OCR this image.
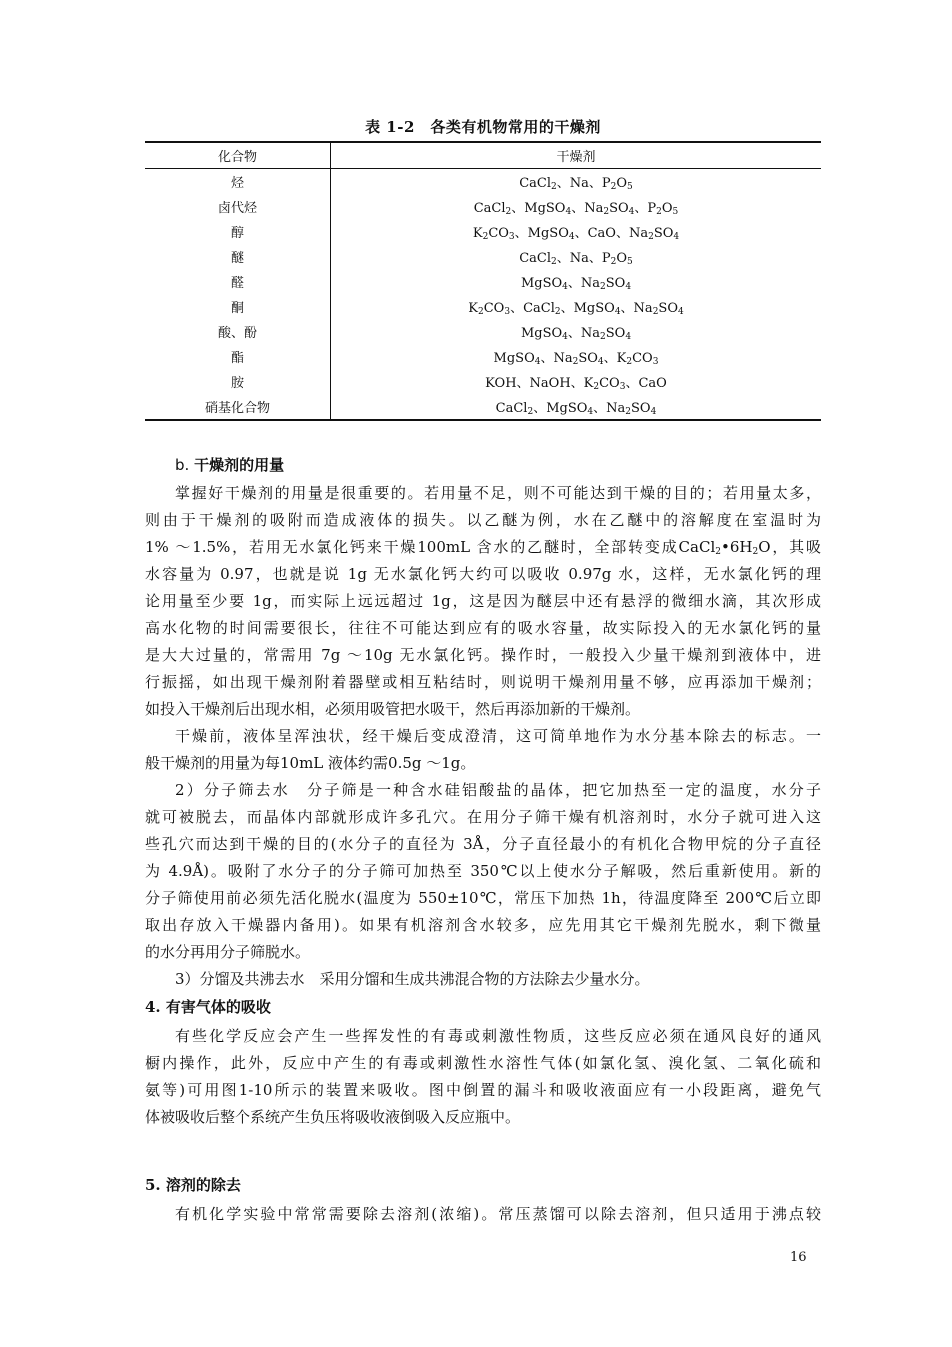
表 1-2　各类有机物常用的干燥剂
化合物	干燥剂
烃	CaCl$_2$、Na、$P_2O_5$
卤代烃	CaCl$_2$、MgSO$_4$、$Na_2SO_4$、$P_2O_5$
醇	$K_2CO_3$、MgSO$_4$、CaO、$Na_2SO_4$
醚	CaCl$_2$、Na、$P_2O_5$
醛	MgSO$_4$、$Na_2SO_4$
酮	$K_2CO_3$、CaCl$_2$、MgSO$_4$、$Na_2SO_4$
酸、酚	MgSO$_4$、$Na_2SO_4$
酯	MgSO$_4$、$Na_2SO_4$、$K_2CO_3$
胺	KOH、NaOH、$K_2CO_3$、CaO
硝基化合物	CaCl$_2$、MgSO$_4$、$Na_2SO_4$
b. 干燥剂的用量
掌握好干燥剂的用量是很重要的。若用量不足，则不可能达到干燥的目的；若用量太多，
则由于干燥剂的吸附而造成液体的损失。以乙醚为例，水在乙醚中的溶解度在室温时为
1% ～1.5%，若用无水氯化钙来干燥100mL 含水的乙醚时，全部转变成$CaCl_2•6H_2O$，其吸
水容量为 0.97，也就是说 1g 无水氯化钙大约可以吸收 0.97g 水，这样，无水氯化钙的理
论用量至少要 1g，而实际上远远超过 1g，这是因为醚层中还有悬浮的微细水滴，其次形成
高水化物的时间需要很长，往往不可能达到应有的吸水容量，故实际投入的无水氯化钙的量
是大大过量的，常需用 7g ～10g 无水氯化钙。操作时，一般投入少量干燥剂到液体中，进
行振摇，如出现干燥剂附着器壁或相互粘结时，则说明干燥剂用量不够，应再添加干燥剂；
如投入干燥剂后出现水相，必须用吸管把水吸干，然后再添加新的干燥剂。
干燥前，液体呈浑浊状，经干燥后变成澄清，这可简单地作为水分基本除去的标志。一
般干燥剂的用量为每10mL 液体约需0.5g ～1g。
2）分子筛去水　分子筛是一种含水硅铝酸盐的晶体，把它加热至一定的温度，水分子
就可被脱去，而晶体内部就形成许多孔穴。在用分子筛干燥有机溶剂时，水分子就可进入这
些孔穴而达到干燥的目的(水分子的直径为 3Å，分子直径最小的有机化合物甲烷的分子直径
为 4.9Å)。吸附了水分子的分子筛可加热至 350℃以上使水分子解吸，然后重新使用。新的
分子筛使用前必须先活化脱水(温度为 550±10℃，常压下加热 1h，待温度降至 200℃后立即
取出存放入干燥器内备用)。如果有机溶剂含水较多，应先用其它干燥剂先脱水，剩下微量
的水分再用分子筛脱水。
3）分馏及共沸去水　采用分馏和生成共沸混合物的方法除去少量水分。
4. 有害气体的吸收
有些化学反应会产生一些挥发性的有毒或刺激性物质，这些反应必须在通风良好的通风
橱内操作，此外，反应中产生的有毒或刺激性水溶性气体(如氯化氢、溴化氢、二氧化硫和
氨等)可用图1-10所示的装置来吸收。图中倒置的漏斗和吸收液面应有一小段距离，避免气
体被吸收后整个系统产生负压将吸收液倒吸入反应瓶中。
5. 溶剂的除去
有机化学实验中常常需要除去溶剂(浓缩)。常压蒸馏可以除去溶剂，但只适用于沸点较
16
